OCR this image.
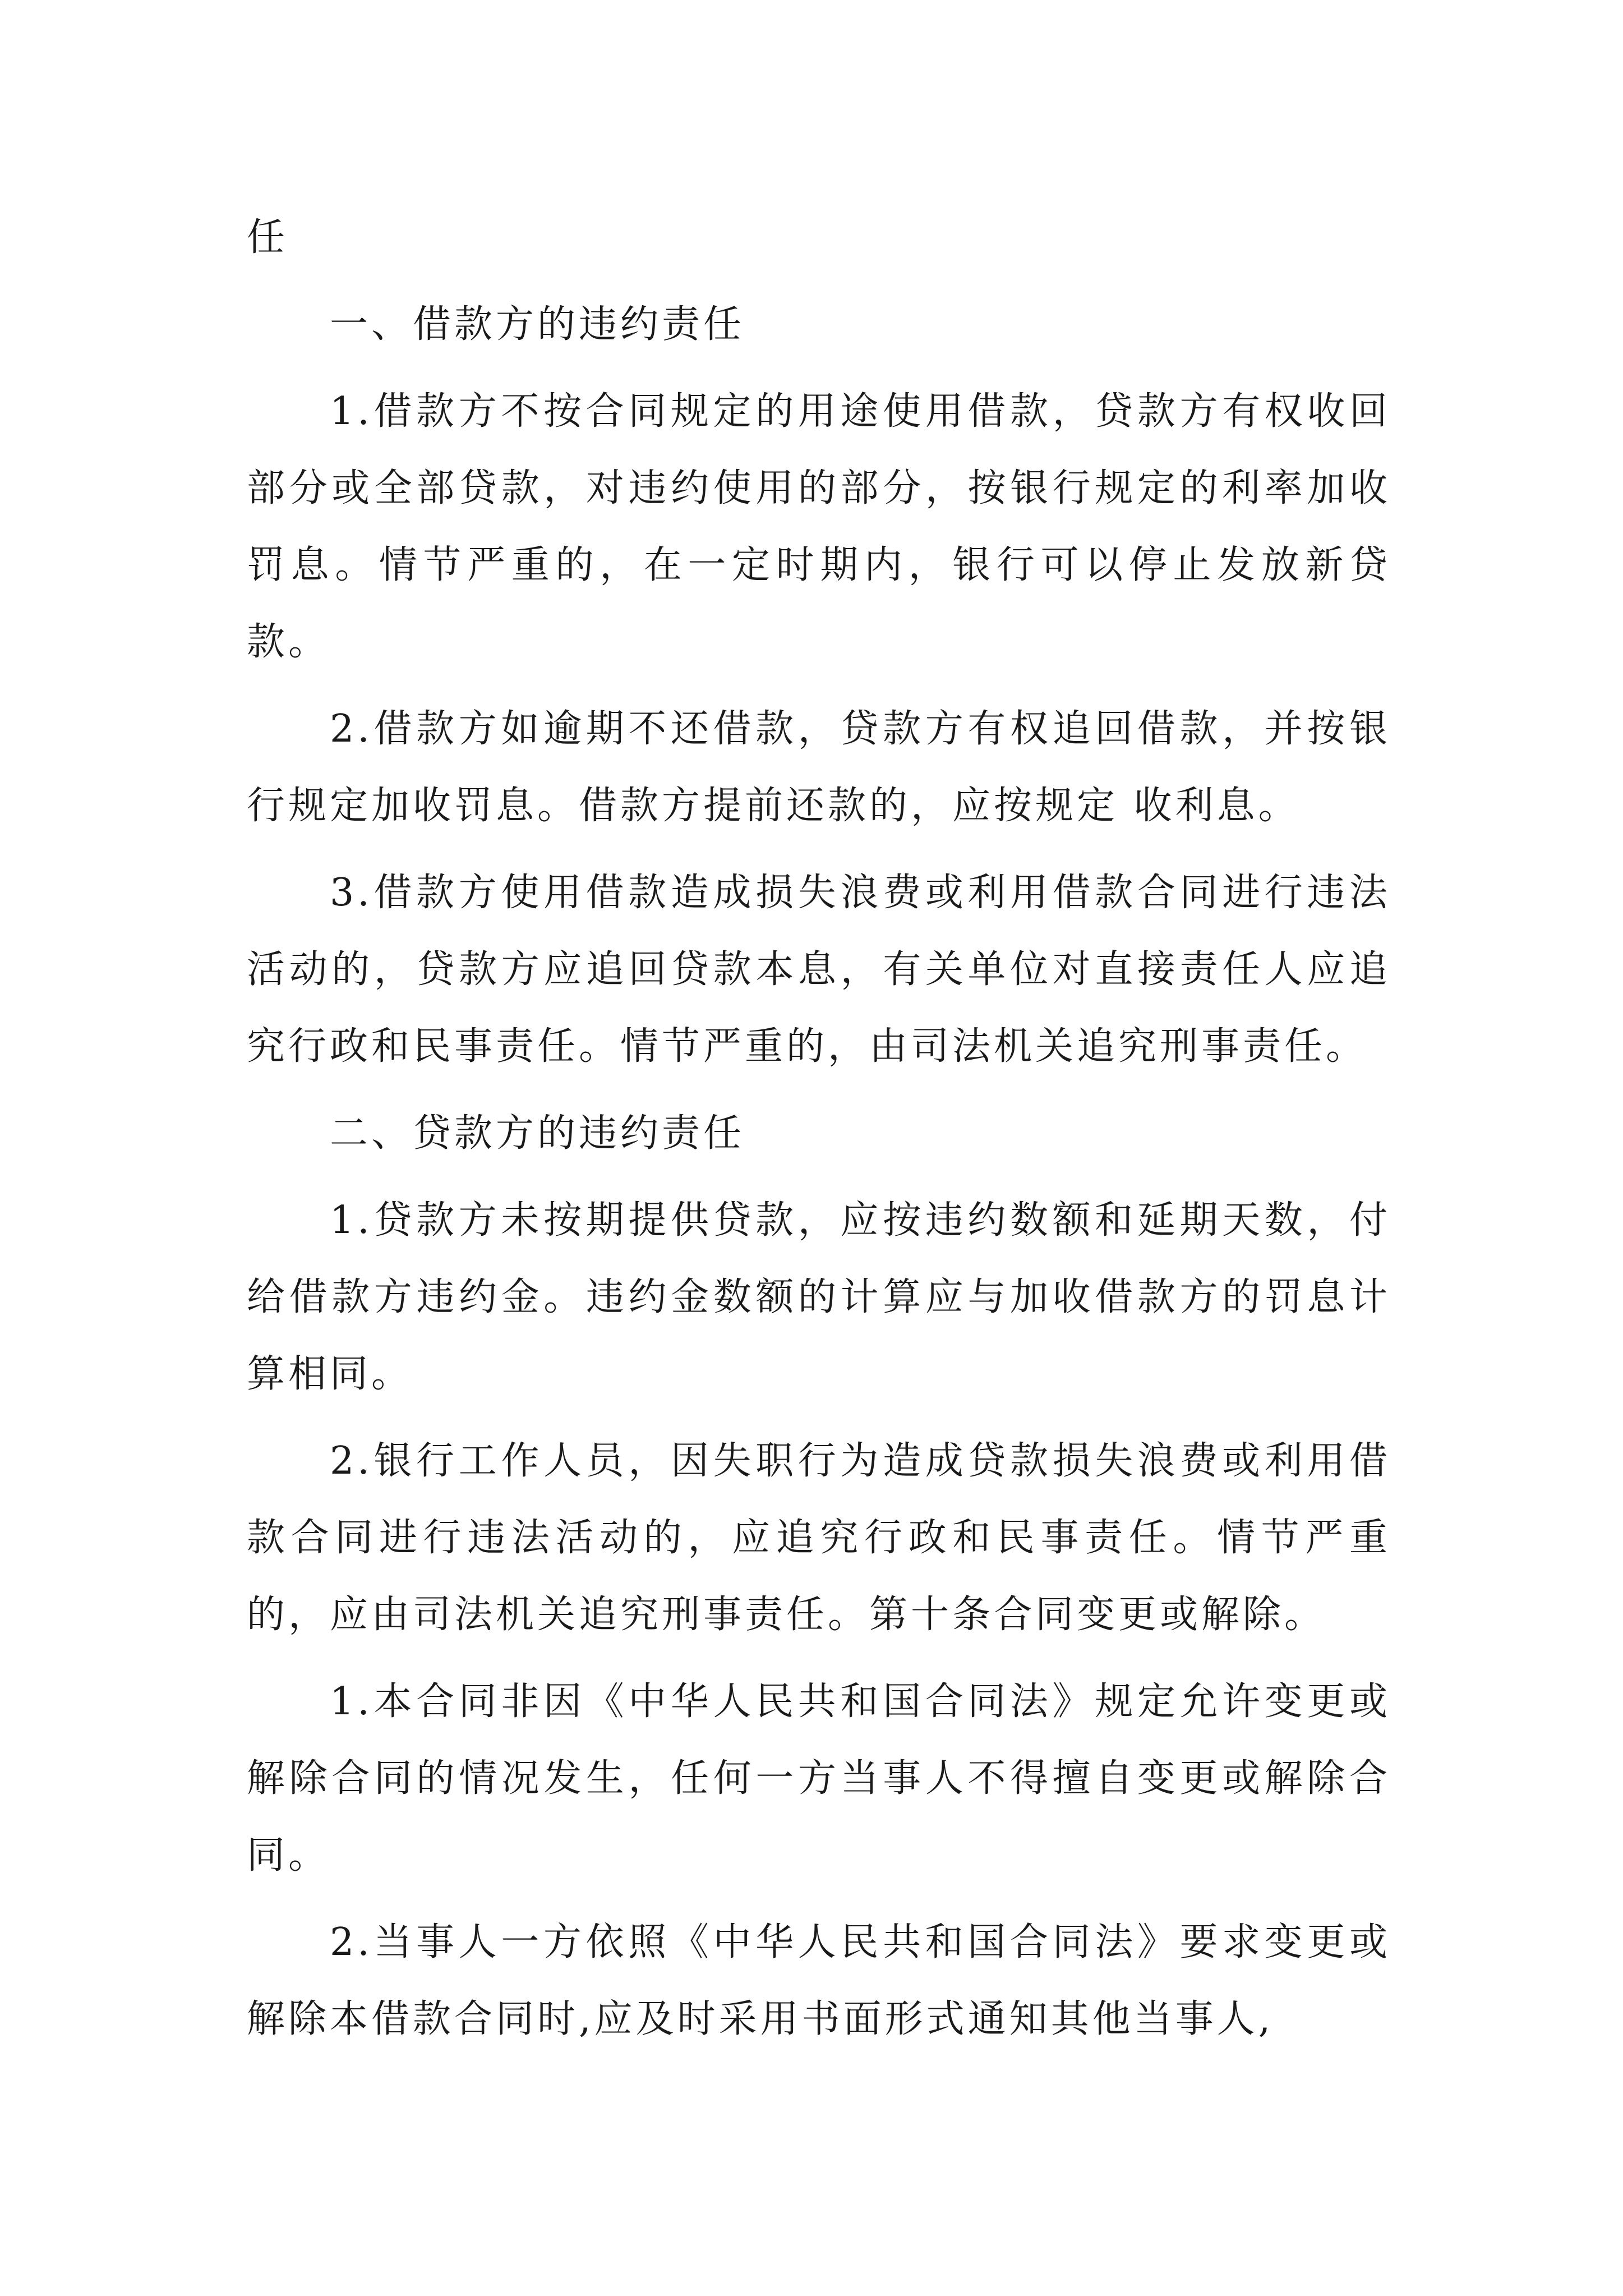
任

一、借款方的违约责任

1.借款方不按合同规定的用途使用借款，贷款方有权收回部分或全部贷款，对违约使用的部分，按银行规定的利率加收罚息。情节严重的，在一定时期内，银行可以停止发放新贷款。

2.借款方如逾期不还借款，贷款方有权追回借款，并按银行规定加收罚息。借款方提前还款的，应按规定 收利息。

3.借款方使用借款造成损失浪费或利用借款合同进行违法活动的，贷款方应追回贷款本息，有关单位对直接责任人应追究行政和民事责任。情节严重的，由司法机关追究刑事责任。

二、贷款方的违约责任

1.贷款方未按期提供贷款，应按违约数额和延期天数，付给借款方违约金。违约金数额的计算应与加收借款方的罚息计算相同。

2.银行工作人员，因失职行为造成贷款损失浪费或利用借款合同进行违法活动的，应追究行政和民事责任。情节严重的，应由司法机关追究刑事责任。第十条合同变更或解除。

1.本合同非因《中华人民共和国合同法》规定允许变更或解除合同的情况发生，任何一方当事人不得擅自变更或解除合同。

2.当事人一方依照《中华人民共和国合同法》要求变更或解除本借款合同时,应及时采用书面形式通知其他当事人,
